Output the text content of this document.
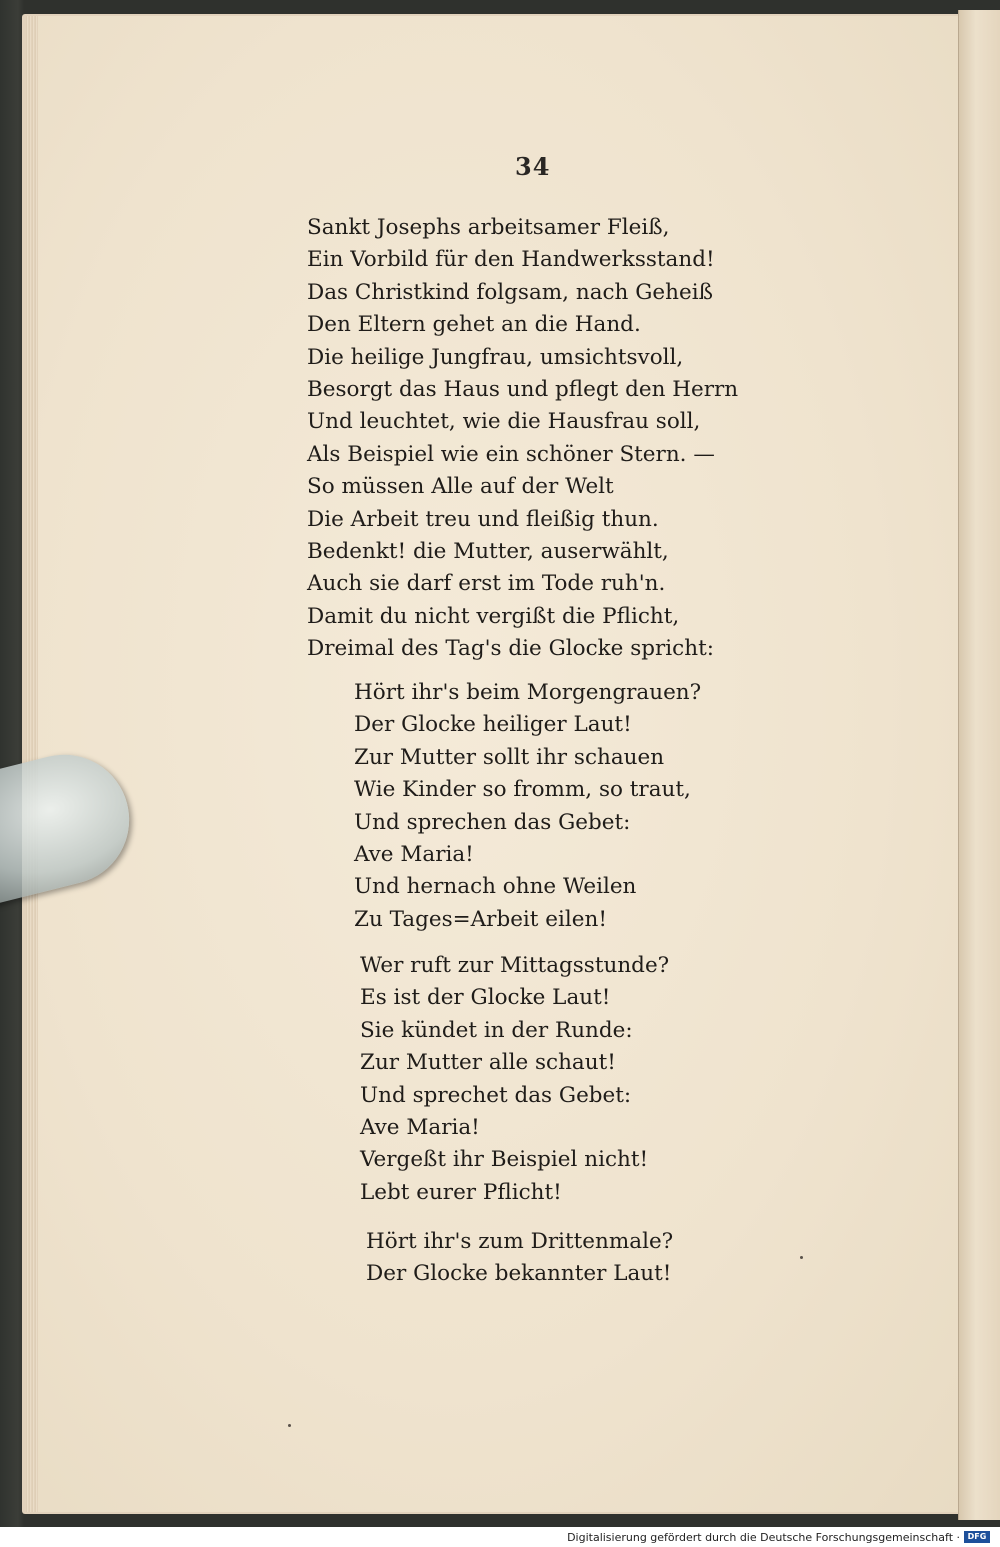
34
Sankt Josephs arbeitsamer Fleiß,
Ein Vorbild für den Handwerksstand!
Das Christkind folgsam, nach Geheiß
Den Eltern gehet an die Hand.
Die heilige Jungfrau, umsichtsvoll,
Besorgt das Haus und pflegt den Herrn
Und leuchtet, wie die Hausfrau soll,
Als Beispiel wie ein schöner Stern. —
So müssen Alle auf der Welt
Die Arbeit treu und fleißig thun.
Bedenkt! die Mutter, auserwählt,
Auch sie darf erst im Tode ruh'n.
Damit du nicht vergißt die Pflicht,
Dreimal des Tag's die Glocke spricht:
Hört ihr's beim Morgengrauen?
Der Glocke heiliger Laut!
Zur Mutter sollt ihr schauen
Wie Kinder so fromm, so traut,
Und sprechen das Gebet:
Ave Maria!
Und hernach ohne Weilen
Zu Tages=Arbeit eilen!
Wer ruft zur Mittagsstunde?
Es ist der Glocke Laut!
Sie kündet in der Runde:
Zur Mutter alle schaut!
Und sprechet das Gebet:
Ave Maria!
Vergeßt ihr Beispiel nicht!
Lebt eurer Pflicht!
Hört ihr's zum Drittenmale?
Der Glocke bekannter Laut!
Digitalisierung gefördert durch die Deutsche Forschungsgemeinschaft · DFG
